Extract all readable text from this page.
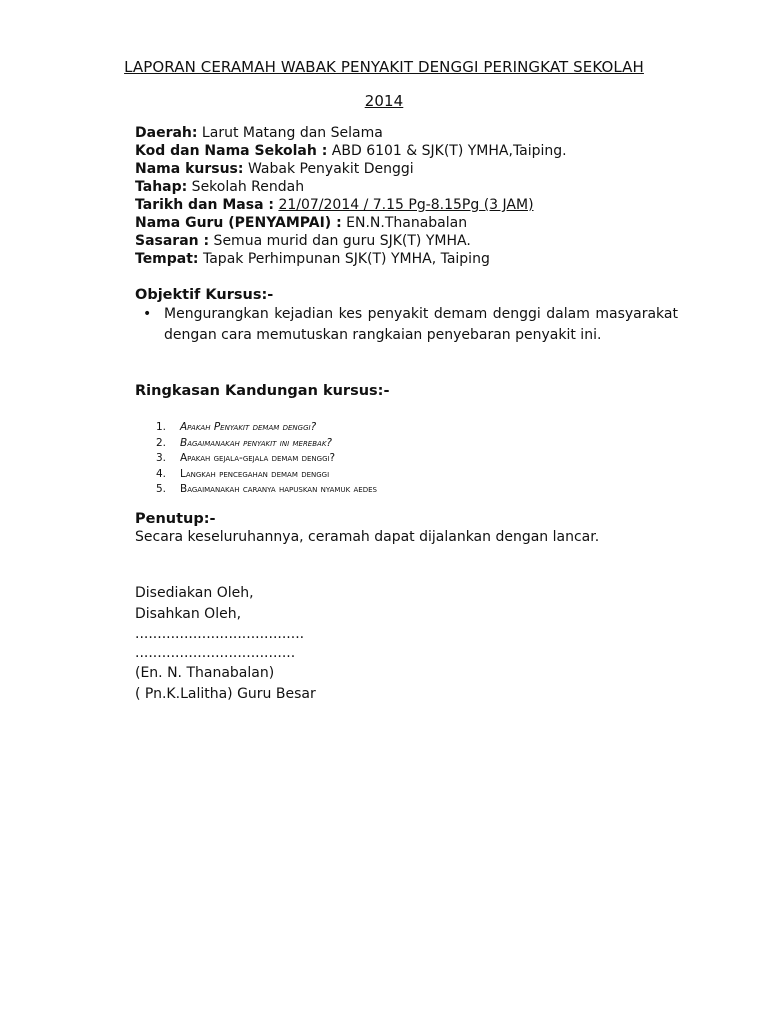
LAPORAN CERAMAH WABAK PENYAKIT DENGGI PERINGKAT SEKOLAH
2014
Daerah: Larut Matang dan Selama
Kod dan Nama Sekolah : ABD 6101 & SJK(T) YMHA,Taiping.
Nama kursus: Wabak Penyakit Denggi
Tahap: Sekolah Rendah
Tarikh dan Masa : 21/07/2014 / 7.15 Pg-8.15Pg (3 JAM)
Nama Guru (PENYAMPAI) : EN.N.Thanabalan
Sasaran : Semua murid dan guru SJK(T) YMHA.
Tempat: Tapak Perhimpunan SJK(T) YMHA, Taiping
Objektif Kursus:-
• Mengurangkan kejadian kes penyakit demam denggi dalam masyarakat dengan cara memutuskan rangkaian penyebaran penyakit ini.
Ringkasan Kandungan kursus:-
1. Apakah Penyakit demam denggi?
2. Bagaimanakah penyakit ini merebak?
3. Apakah gejala-gejala demam denggi?
4. Langkah pencegahan demam denggi
5. Bagaimanakah caranya hapuskan nyamuk aedes
Penutup:-
Secara keseluruhannya, ceramah dapat dijalankan dengan lancar.
Disediakan Oleh,
Disahkan Oleh,
......................................
....................................
(En. N. Thanabalan)
( Pn.K.Lalitha) Guru Besar
